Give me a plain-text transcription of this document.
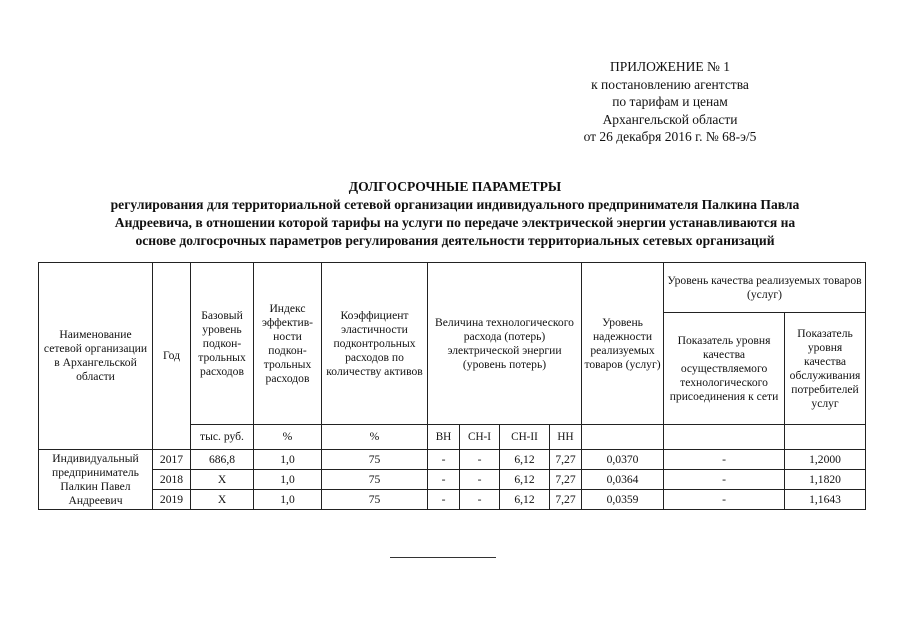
ПРИЛОЖЕНИЕ № 1
к постановлению агентства
по тарифам и ценам
Архангельской области
от 26 декабря 2016 г. № 68-э/5
ДОЛГОСРОЧНЫЕ ПАРАМЕТРЫ
регулирования для территориальной сетевой организации индивидуального предпринимателя Палкина Павла
Андреевича, в отношении которой тарифы на услуги по передаче электрической энергии устанавливаются на
основе долгосрочных параметров регулирования деятельности территориальных сетевых организаций
Наименование сетевой организации в Архангельской области	Год	Базовый уровень подкон-трольных расходов	Индекс эффектив-ности подкон-трольных расходов	Коэффициент эластичности подконтрольных расходов по количеству активов	Величина технологического расхода (потерь) электрической энергии (уровень потерь)				Уровень надежности реализуемых товаров (услуг)	Уровень качества реализуемых товаров (услуг)	
										Показатель уровня качества осуществляемого технологического присоединения к сети	Показатель уровня качества обслуживания потребителей услуг
		тыс. руб.	%	%	ВН	СН-I	СН-II	НН			
Индивидуальный предприниматель Палкин Павел Андреевич	2017	686,8	1,0	75	-	-	6,12	7,27	0,0370	-	1,2000
	2018	Х	1,0	75	-	-	6,12	7,27	0,0364	-	1,1820
	2019	Х	1,0	75	-	-	6,12	7,27	0,0359	-	1,1643
